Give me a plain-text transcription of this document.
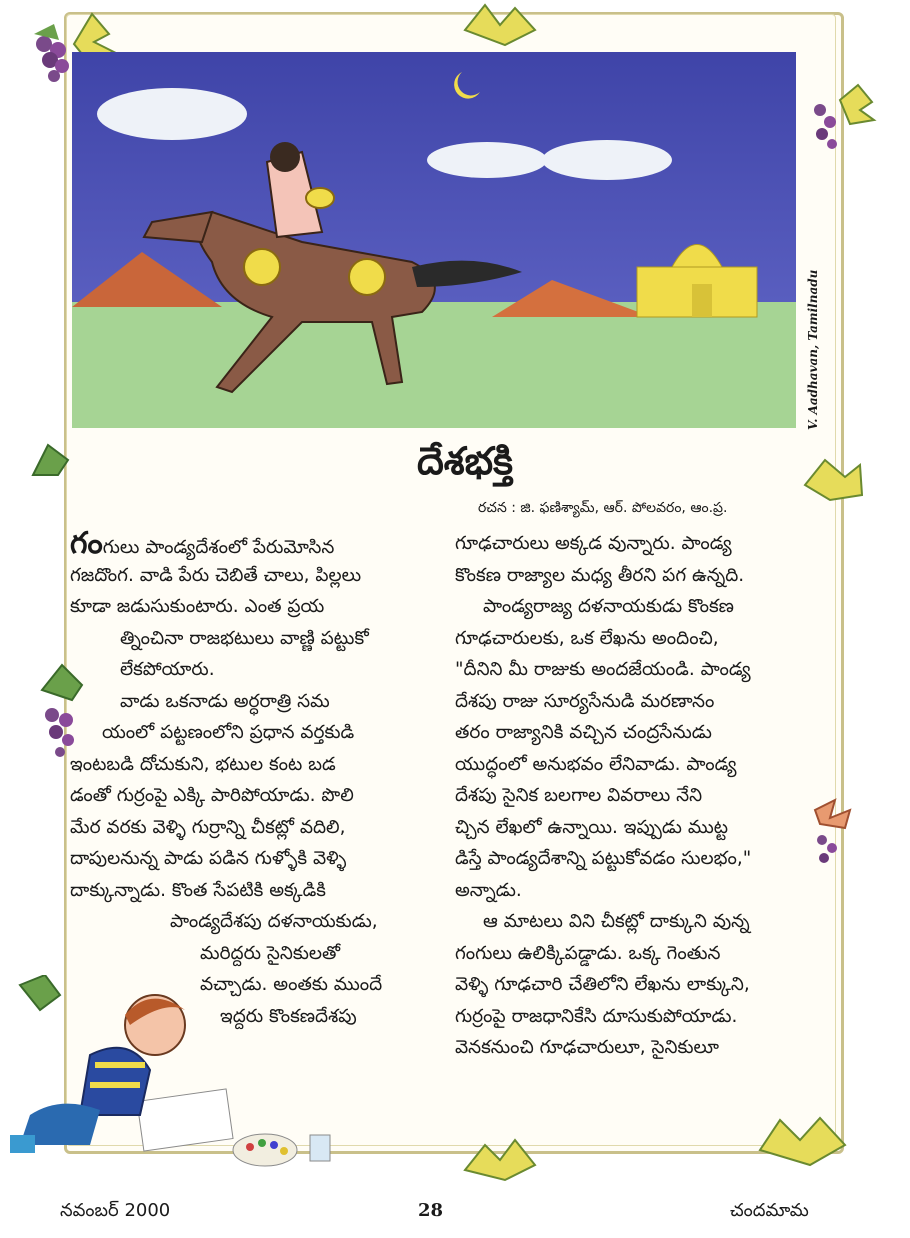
V. Aadhavan, Tamilnadu
దేశభక్తి
రచన : జి. ఫణిశ్యామ్, ఆర్. పోలవరం, ఆం.ప్ర.
గంగులు పాండ్యదేశంలో పేరుమోసిన
గజదొంగ. వాడి పేరు చెబితే చాలు, పిల్లలు
కూడా జడుసుకుంటారు. ఎంత ప్రయ
త్నించినా రాజభటులు వాణ్ణి పట్టుకో
లేకపోయారు.
వాడు ఒకనాడు అర్ధరాత్రి సమ
యంలో పట్టణంలోని ప్రధాన వర్తకుడి
ఇంటబడి దోచుకుని, భటుల కంట బడ
డంతో గుర్రంపై ఎక్కి పారిపోయాడు. పొలి
మేర వరకు వెళ్ళి గుర్రాన్ని చీకట్లో వదిలి,
దాపులనున్న పాడు పడిన గుళ్ళోకి వెళ్ళి
దాక్కున్నాడు. కొంత సేపటికి అక్కడికి
పాండ్యదేశపు దళనాయకుడు,
మరిద్దరు సైనికులతో
వచ్చాడు. అంతకు ముందే
ఇద్దరు కొంకణదేశపు
గూఢచారులు అక్కడ వున్నారు. పాండ్య
కొంకణ రాజ్యాల మధ్య తీరని పగ ఉన్నది.
పాండ్యరాజ్య దళనాయకుడు కొంకణ
గూఢచారులకు, ఒక లేఖను అందించి,
"దీనిని మీ రాజుకు అందజేయండి. పాండ్య
దేశపు రాజు సూర్యసేనుడి మరణానం
తరం రాజ్యానికి వచ్చిన చంద్రసేనుడు
యుద్ధంలో అనుభవం లేనివాడు. పాండ్య
దేశపు సైనిక బలగాల వివరాలు నేని
చ్చిన లేఖలో ఉన్నాయి. ఇప్పుడు ముట్ట
డిస్తే పాండ్యదేశాన్ని పట్టుకోవడం సులభం,"
అన్నాడు.
ఆ మాటలు విని చీకట్లో దాక్కుని వున్న
గంగులు ఉలిక్కిపడ్డాడు. ఒక్క గెంతున
వెళ్ళి గూఢచారి చేతిలోని లేఖను లాక్కుని,
గుర్రంపై రాజధానికేసి దూసుకుపోయాడు.
వెనకనుంచి గూఢచారులూ, సైనికులూ
నవంబర్ 2000	28	చందమామ
